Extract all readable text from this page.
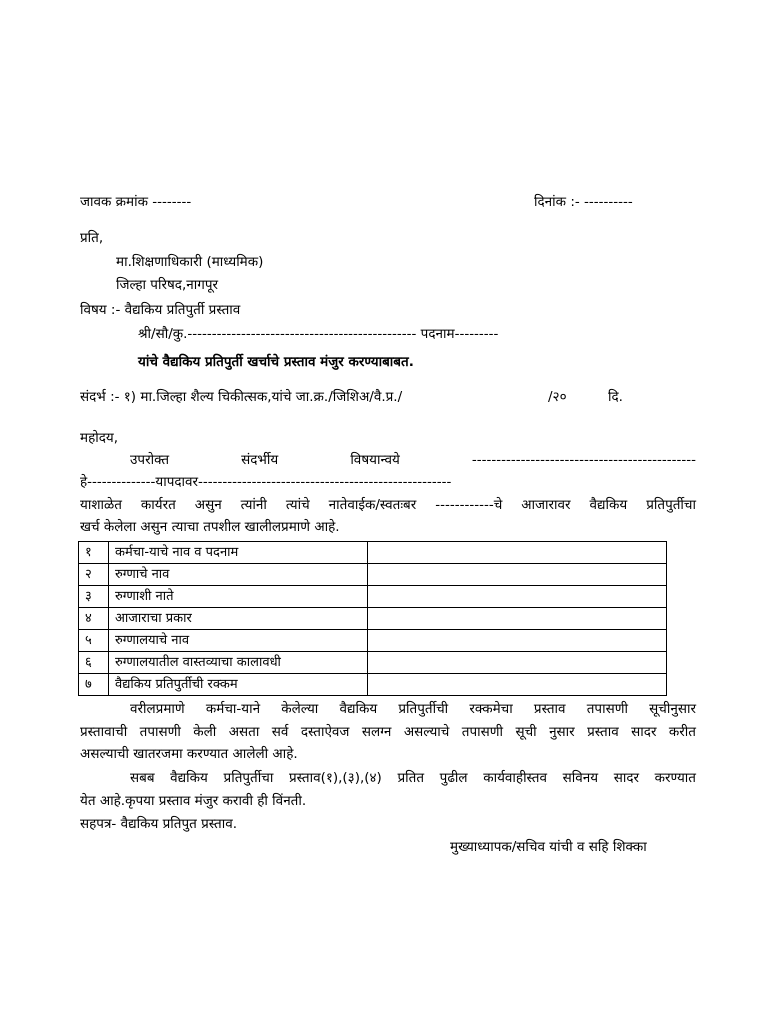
जावक क्रमांक --------	दिनांक :- ----------
प्रति,
मा.शिक्षणाधिकारी (माध्यमिक)
जिल्हा परिषद,नागपूर
विषय :- वैद्यकिय प्रतिपुर्ती प्रस्ताव
श्री/सौ/कु.----------------------------------------------- पदनाम---------
यांचे वैद्यकिय प्रतिपुर्ती खर्चाचे प्रस्ताव मंजुर करण्याबाबत.
संदर्भ :- १) मा.जिल्हा शैल्य चिकीत्सक,यांचे जा.क्र./जिशिअ/वै.प्र./	/२०	दि.
महोदय,
उपरोक्त संदर्भीय विषयान्वये ----------------------------------------------
हे--------------यापदावर----------------------------------------------------
याशाळेत कार्यरत असुन त्यांनी त्यांचे नातेवाईक/स्वतःबर ------------चे आजारावर वैद्यकिय प्रतिपुर्तीचा
खर्च केलेला असुन त्याचा तपशील खालीलप्रमाणे आहे.
१	कर्मचा-याचे नाव व पदनाम	
२	रुग्णाचे नाव	
३	रुग्णाशी नाते	
४	आजाराचा प्रकार	
५	रुग्णालयाचे नाव	
६	रुग्णालयातील वास्तव्याचा कालावधी	
७	वैद्यकिय प्रतिपुर्तीची रक्कम	
वरीलप्रमाणे कर्मचा-याने केलेल्या वैद्यकिय प्रतिपुर्तीची रक्कमेचा प्रस्ताव तपासणी सूचीनुसार
प्रस्तावाची तपासणी केली असता सर्व दस्ताऐवज सलग्न असल्याचे तपासणी सूची नुसार प्रस्ताव सादर करीत
असल्याची खातरजमा करण्यात आलेली आहे.
सबब वैद्यकिय प्रतिपुर्तीचा प्रस्ताव(१),(३),(४) प्रतित पुढील कार्यवाहीस्तव सविनय सादर करण्यात
येत आहे.कृपया प्रस्ताव मंजुर करावी ही विंनती.
सहपत्र- वैद्यकिय प्रतिपुत प्रस्ताव.
मुख्याध्यापक/सचिव यांची व सहि शिक्का
